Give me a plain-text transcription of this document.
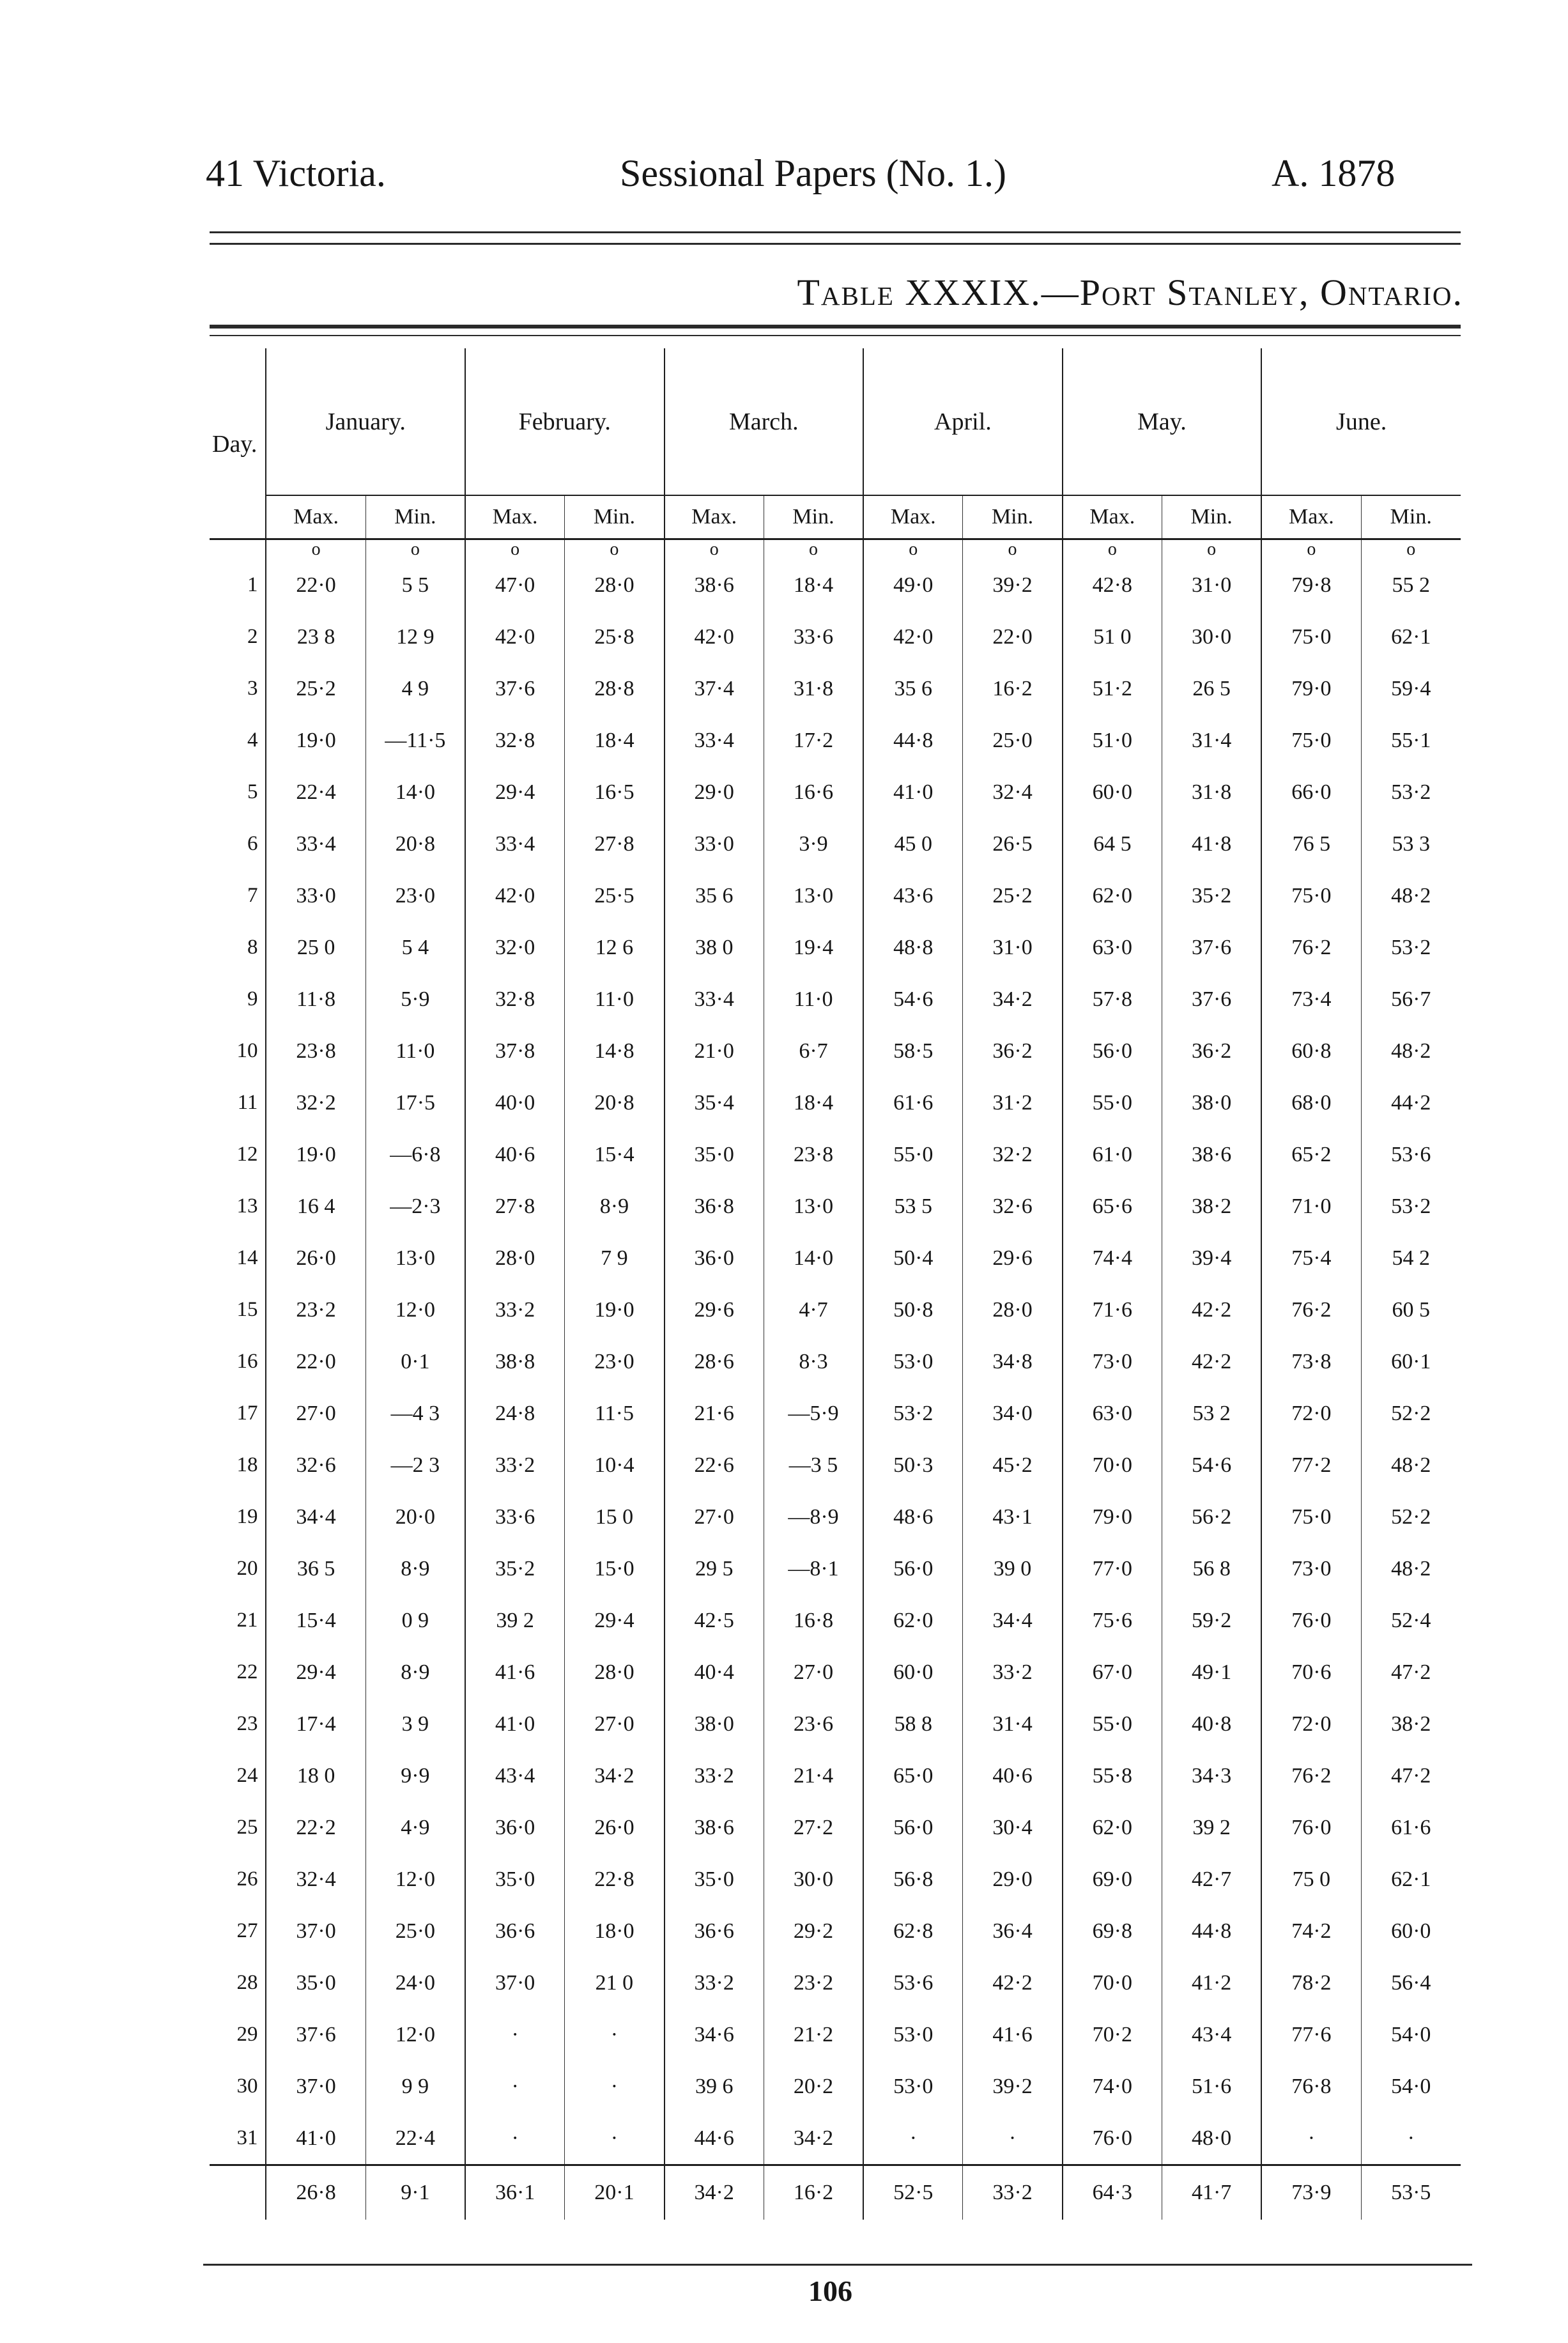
41 Victoria.	Sessional Papers (No. 1.)	A. 1878
Table XXXIX.—Port Stanley, Ontario.
Day.	January.		February.		March.		April.		May.		June.	
	Max.	Min.	Max.	Min.	Max.	Min.	Max.	Min.	Max.	Min.	Max.	Min.
	o	o	o	o	o	o	o	o	o	o	o	o
1	22·0	5 5	47·0	28·0	38·6	18·4	49·0	39·2	42·8	31·0	79·8	55 2
2	23 8	12 9	42·0	25·8	42·0	33·6	42·0	22·0	51 0	30·0	75·0	62·1
3	25·2	4 9	37·6	28·8	37·4	31·8	35 6	16·2	51·2	26 5	79·0	59·4
4	19·0	—11·5	32·8	18·4	33·4	17·2	44·8	25·0	51·0	31·4	75·0	55·1
5	22·4	14·0	29·4	16·5	29·0	16·6	41·0	32·4	60·0	31·8	66·0	53·2
6	33·4	20·8	33·4	27·8	33·0	3·9	45 0	26·5	64 5	41·8	76 5	53 3
7	33·0	23·0	42·0	25·5	35 6	13·0	43·6	25·2	62·0	35·2	75·0	48·2
8	25 0	5 4	32·0	12 6	38 0	19·4	48·8	31·0	63·0	37·6	76·2	53·2
9	11·8	5·9	32·8	11·0	33·4	11·0	54·6	34·2	57·8	37·6	73·4	56·7
10	23·8	11·0	37·8	14·8	21·0	6·7	58·5	36·2	56·0	36·2	60·8	48·2
11	32·2	17·5	40·0	20·8	35·4	18·4	61·6	31·2	55·0	38·0	68·0	44·2
12	19·0	—6·8	40·6	15·4	35·0	23·8	55·0	32·2	61·0	38·6	65·2	53·6
13	16 4	—2·3	27·8	8·9	36·8	13·0	53 5	32·6	65·6	38·2	71·0	53·2
14	26·0	13·0	28·0	7 9	36·0	14·0	50·4	29·6	74·4	39·4	75·4	54 2
15	23·2	12·0	33·2	19·0	29·6	4·7	50·8	28·0	71·6	42·2	76·2	60 5
16	22·0	0·1	38·8	23·0	28·6	8·3	53·0	34·8	73·0	42·2	73·8	60·1
17	27·0	—4 3	24·8	11·5	21·6	—5·9	53·2	34·0	63·0	53 2	72·0	52·2
18	32·6	—2 3	33·2	10·4	22·6	—3 5	50·3	45·2	70·0	54·6	77·2	48·2
19	34·4	20·0	33·6	15 0	27·0	—8·9	48·6	43·1	79·0	56·2	75·0	52·2
20	36 5	8·9	35·2	15·0	29 5	—8·1	56·0	39 0	77·0	56 8	73·0	48·2
21	15·4	0 9	39 2	29·4	42·5	16·8	62·0	34·4	75·6	59·2	76·0	52·4
22	29·4	8·9	41·6	28·0	40·4	27·0	60·0	33·2	67·0	49·1	70·6	47·2
23	17·4	3 9	41·0	27·0	38·0	23·6	58 8	31·4	55·0	40·8	72·0	38·2
24	18 0	9·9	43·4	34·2	33·2	21·4	65·0	40·6	55·8	34·3	76·2	47·2
25	22·2	4·9	36·0	26·0	38·6	27·2	56·0	30·4	62·0	39 2	76·0	61·6
26	32·4	12·0	35·0	22·8	35·0	30·0	56·8	29·0	69·0	42·7	75 0	62·1
27	37·0	25·0	36·6	18·0	36·6	29·2	62·8	36·4	69·8	44·8	74·2	60·0
28	35·0	24·0	37·0	21 0	33·2	23·2	53·6	42·2	70·0	41·2	78·2	56·4
29	37·6	12·0	·	·	34·6	21·2	53·0	41·6	70·2	43·4	77·6	54·0
30	37·0	9 9	·	·	39 6	20·2	53·0	39·2	74·0	51·6	76·8	54·0
31	41·0	22·4	·	·	44·6	34·2	·	·	76·0	48·0	·	·
	26·8	9·1	36·1	20·1	34·2	16·2	52·5	33·2	64·3	41·7	73·9	53·5
106
